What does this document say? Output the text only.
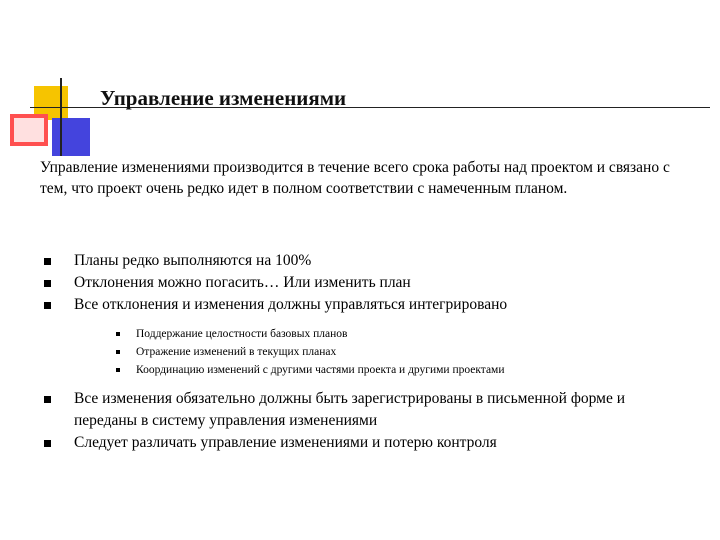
Управление изменениями

Управление изменениями производится в течение всего срока работы над проектом и связано с тем, что проект очень редко идет в полном соответствии с намеченным планом.

Планы редко выполняются на 100%
Отклонения можно погасить… Или изменить план
Все отклонения и изменения должны управляться интегрировано
Поддержание целостности базовых планов
Отражение изменений в текущих планах
Координацию изменений с другими частями проекта и другими проектами
Все изменения обязательно должны быть зарегистрированы в письменной форме и переданы в систему управления изменениями
Следует различать управление изменениями и потерю контроля
